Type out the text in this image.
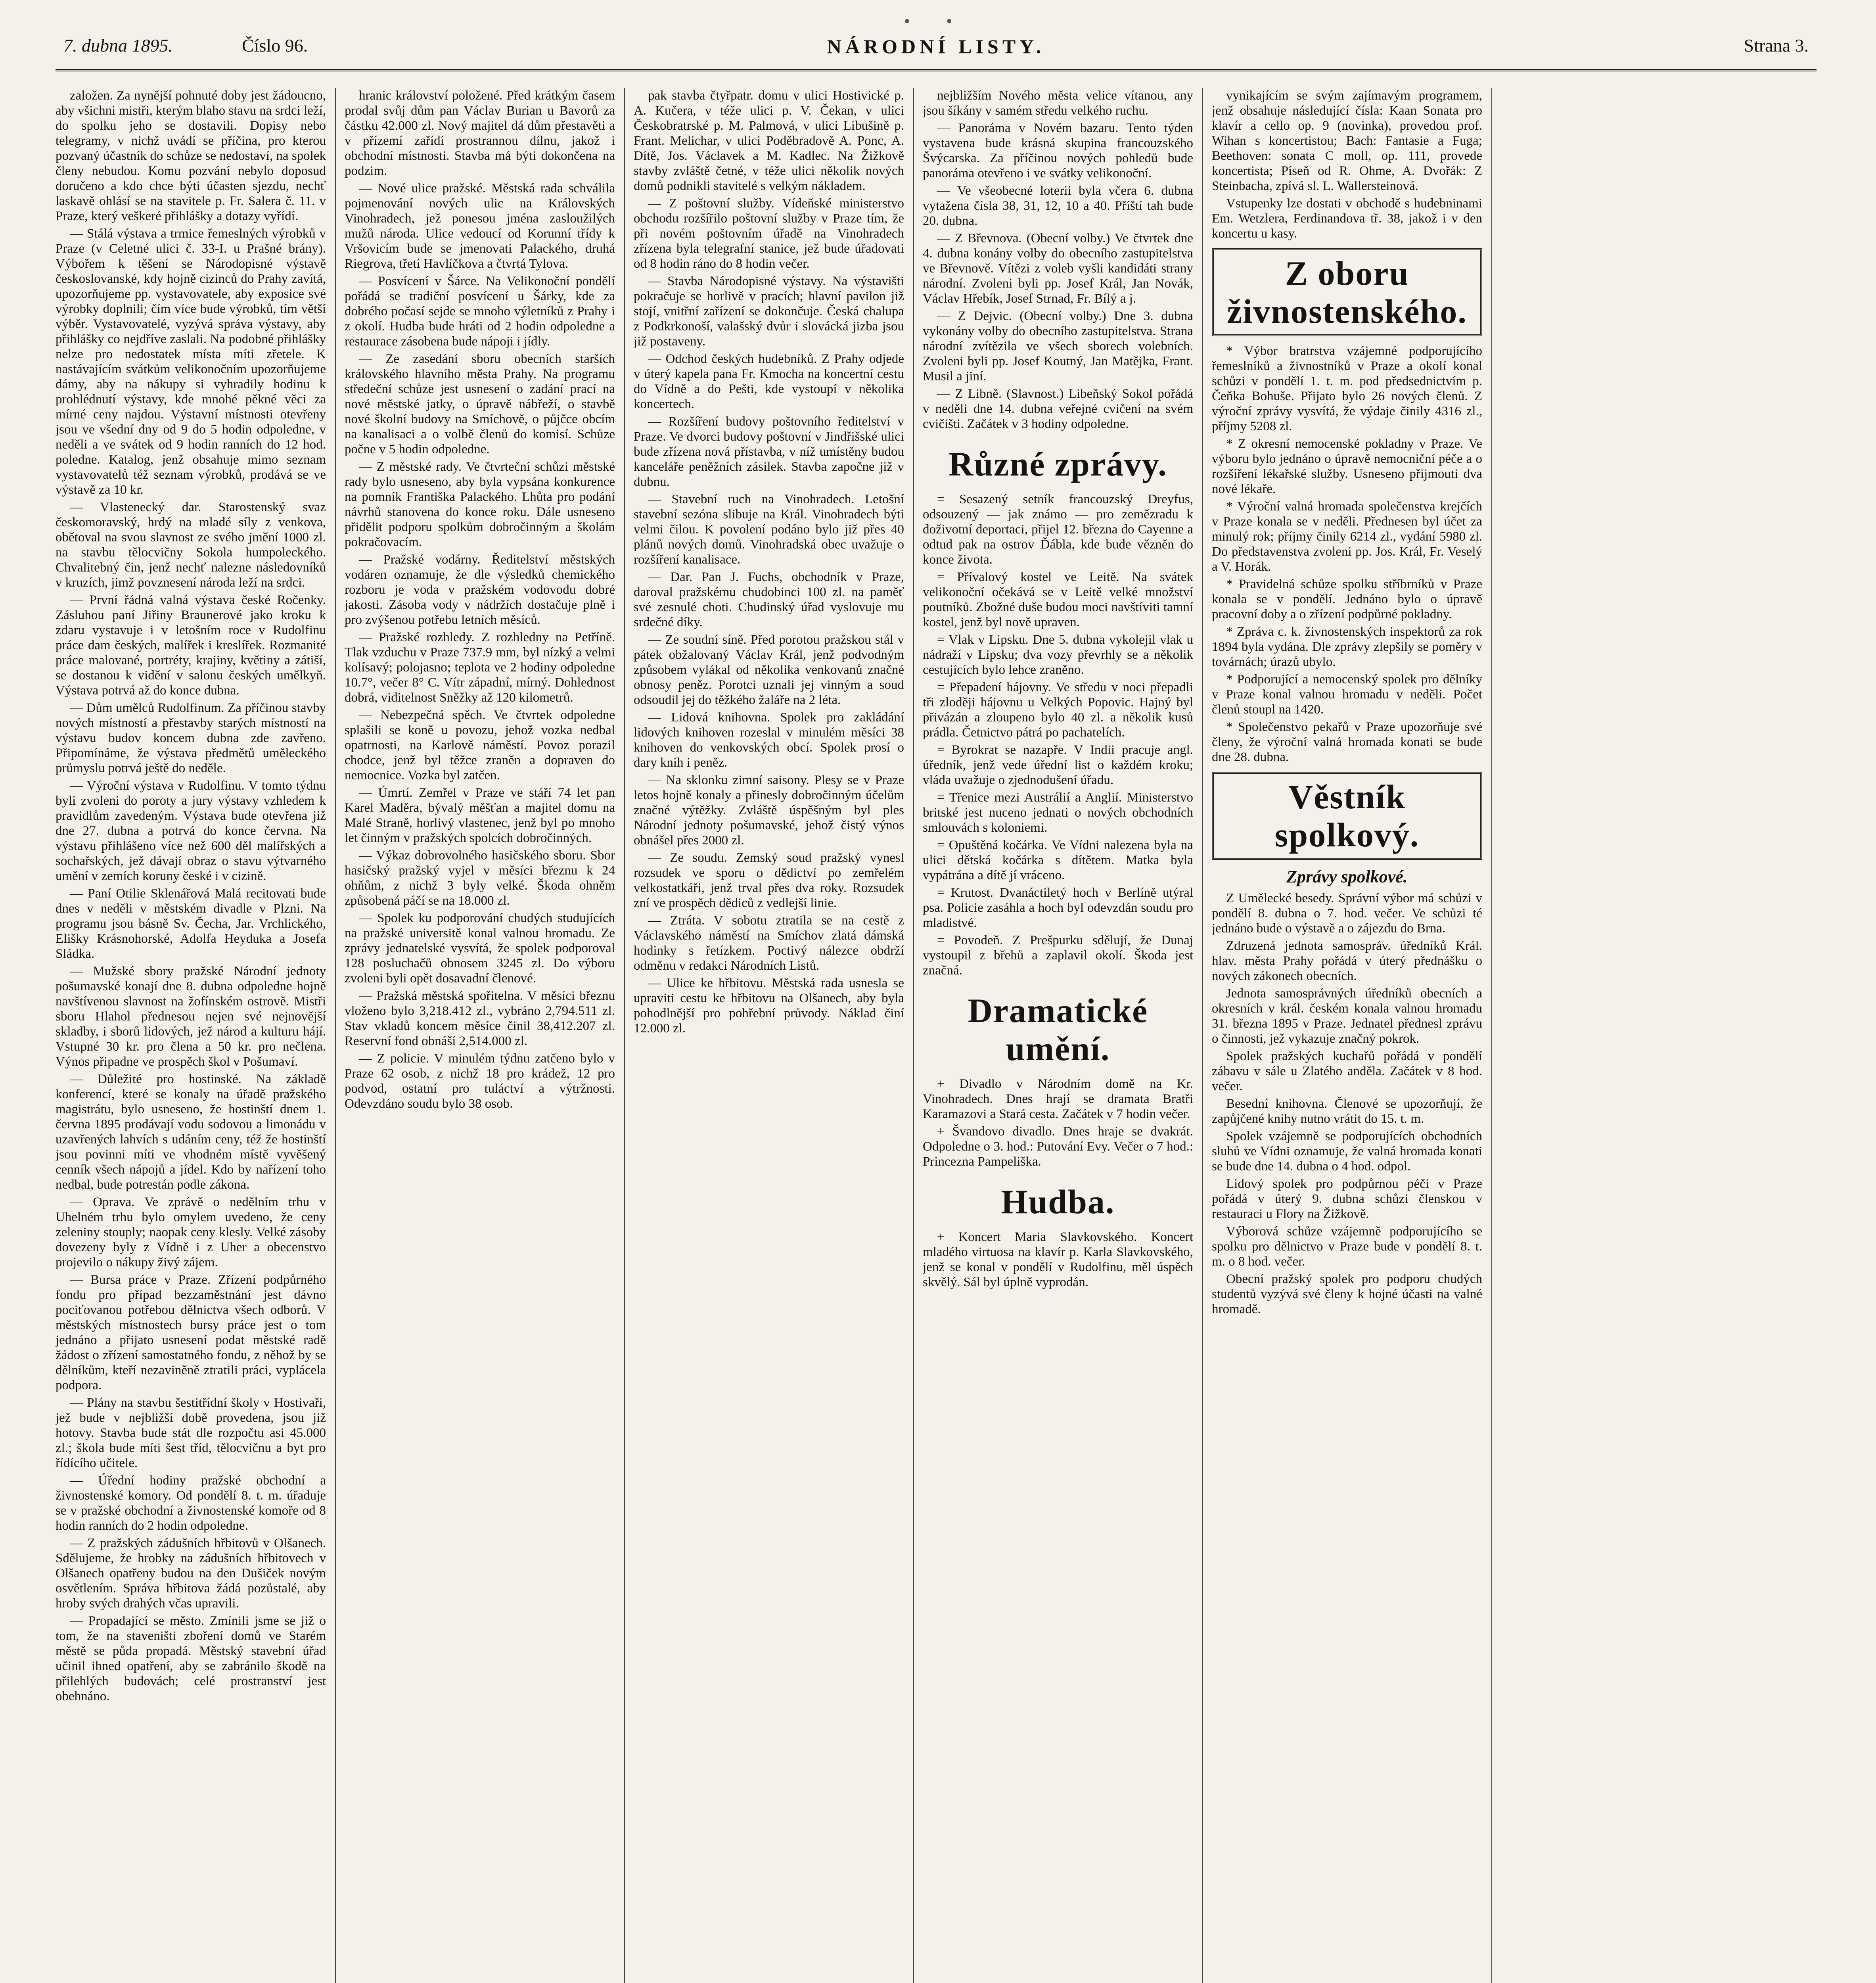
• •
7. dubna 1895.	Číslo 96.	NÁRODNÍ LISTY.	Strana 3.

založen. Za nynější pohnuté doby jest žádoucno, aby všichni mistři, kterým blaho stavu na srdci leží, do spolku jeho se dostavili. Dopisy nebo telegramy, v nichž uvádí se příčina, pro kterou pozvaný účastník do schůze se nedostaví, na spolek členy nebudou. Komu pozvání nebylo doposud doručeno a kdo chce býti účasten sjezdu, nechť laskavě ohlásí se na stavitele p. Fr. Salera č. 11. v Praze, který veškeré přihlášky a dotazy vyřídí.

— Stálá výstava a trmice řemeslných výrobků v Praze (v Celetné ulici č. 33-I. u Prašné brány). Výbořem k těšení se Národopisné výstavě českoslovanské, kdy hojně cizinců do Prahy zavítá, upozorňujeme pp. vystavovatele, aby exposice své výrobky doplnili; čím více bude výrobků, tím větší výběr. Vystavovatelé, vyzývá správa výstavy, aby přihlášky co nejdříve zaslali. Na podobné přihlášky nelze pro nedostatek místa míti zřetele. K nastávajícím svátkům velikonočním upozorňujeme dámy, aby na nákupy si vyhradily hodinu k prohlédnutí výstavy, kde mnohé pěkné věci za mírné ceny najdou. Výstavní místnosti otevřeny jsou ve všední dny od 9 do 5 hodin odpoledne, v neděli a ve svátek od 9 hodin ranních do 12 hod. poledne. Katalog, jenž obsahuje mimo seznam vystavovatelů též seznam výrobků, prodává se ve výstavě za 10 kr.

— Vlastenecký dar. Starostenský svaz českomoravský, hrdý na mladé síly z venkova, obětoval na svou slavnost ze svého jmění 1000 zl. na stavbu tělocvičny Sokola humpoleckého. Chvalitebný čin, jenž nechť nalezne následovníků v kruzích, jimž povznesení národa leží na srdci.

— První řádná valná výstava české Ročenky. Zásluhou paní Jiřiny Braunerové jako kroku k zdaru vystavuje i v letošním roce v Rudolfinu práce dam českých, malířek i kreslířek. Rozmanité práce malované, portréty, krajiny, květiny a zátiší, se dostanou k vidění v salonu českých umělkyň. Výstava potrvá až do konce dubna.

— Dům umělců Rudolfinum. Za příčinou stavby nových místností a přestavby starých místností na výstavu budov koncem dubna zde zavřeno. Připomínáme, že výstava předmětů uměleckého průmyslu potrvá ještě do neděle.

— Výroční výstava v Rudolfinu. V tomto týdnu byli zvoleni do poroty a jury výstavy vzhledem k pravidlům zavedeným. Výstava bude otevřena již dne 27. dubna a potrvá do konce června. Na výstavu přihlášeno více než 600 děl malířských a sochařských, jež dávají obraz o stavu výtvarného umění v zemích koruny české i v cizině.

— Paní Otilie Sklenářová Malá recitovati bude dnes v neděli v městském divadle v Plzni. Na programu jsou básně Sv. Čecha, Jar. Vrchlického, Elišky Krásnohorské, Adolfa Heyduka a Josefa Sládka.

— Mužské sbory pražské Národní jednoty pošumavské konají dne 8. dubna odpoledne hojně navštívenou slavnost na žofínském ostrově. Mistři sboru Hlahol přednesou nejen své nejnovější skladby, i sborů lidových, jež národ a kulturu hájí. Vstupné 30 kr. pro člena a 50 kr. pro nečlena. Výnos připadne ve prospěch škol v Pošumaví.

— Důležité pro hostinské. Na základě konferencí, které se konaly na úřadě pražského magistrátu, bylo usneseno, že hostinští dnem 1. června 1895 prodávají vodu sodovou a limonádu v uzavřených lahvích s udáním ceny, též že hostinští jsou povinni míti ve vhodném místě vyvěšený cenník všech nápojů a jídel. Kdo by nařízení toho nedbal, bude potrestán podle zákona.

— Oprava. Ve zprávě o nedělním trhu v Uhelném trhu bylo omylem uvedeno, že ceny zeleniny stouply; naopak ceny klesly. Velké zásoby dovezeny byly z Vídně i z Uher a obecenstvo projevilo o nákupy živý zájem.

— Bursa práce v Praze. Zřízení podpůrného fondu pro případ bezzaměstnání jest dávno pociťovanou potřebou dělnictva všech odborů. V městských místnostech bursy práce jest o tom jednáno a přijato usnesení podat městské radě žádost o zřízení samostatného fondu, z něhož by se dělníkům, kteří nezaviněně ztratili práci, vyplácela podpora.

— Plány na stavbu šestitřídní školy v Hostivaři, jež bude v nejbližší době provedena, jsou již hotovy. Stavba bude stát dle rozpočtu asi 45.000 zl.; škola bude míti šest tříd, tělocvičnu a byt pro řídícího učitele.

— Úřední hodiny pražské obchodní a živnostenské komory. Od pondělí 8. t. m. úřaduje se v pražské obchodní a živnostenské komoře od 8 hodin ranních do 2 hodin odpoledne.

— Z pražských zádušních hřbitovů v Olšanech. Sdělujeme, že hrobky na zádušních hřbitovech v Olšanech opatřeny budou na den Dušiček novým osvětlením. Správa hřbitova žádá pozůstalé, aby hroby svých drahých včas upravili.

— Propadající se město. Zmínili jsme se již o tom, že na staveništi zboření domů ve Starém městě se půda propadá. Městský stavební úřad učinil ihned opatření, aby se zabránilo škodě na přilehlých budovách; celé prostranství jest obehnáno.

hranic království položené. Před krátkým časem prodal svůj dům pan Václav Burian u Bavorů za částku 42.000 zl. Nový majitel dá dům přestavěti a v přízemí zařídí prostrannou dílnu, jakož i obchodní místnosti. Stavba má býti dokončena na podzim.

— Nové ulice pražské. Městská rada schválila pojmenování nových ulic na Královských Vinohradech, jež ponesou jména zasloužilých mužů národa. Ulice vedoucí od Korunní třídy k Vršovicím bude se jmenovati Palackého, druhá Riegrova, třetí Havlíčkova a čtvrtá Tylova.

— Posvícení v Šárce. Na Velikonoční pondělí pořádá se tradiční posvícení u Šárky, kde za dobrého počasí sejde se mnoho výletníků z Prahy i z okolí. Hudba bude hráti od 2 hodin odpoledne a restaurace zásobena bude nápoji i jídly.

— Ze zasedání sboru obecních starších královského hlavního města Prahy. Na programu středeční schůze jest usnesení o zadání prací na nové městské jatky, o úpravě nábřeží, o stavbě nové školní budovy na Smíchově, o půjčce obcím na kanalisaci a o volbě členů do komisí. Schůze počne v 5 hodin odpoledne.

— Z městské rady. Ve čtvrteční schůzi městské rady bylo usneseno, aby byla vypsána konkurence na pomník Františka Palackého. Lhůta pro podání návrhů stanovena do konce roku. Dále usneseno přidělit podporu spolkům dobročinným a školám pokračovacím.

— Pražské vodárny. Ředitelství městských vodáren oznamuje, že dle výsledků chemického rozboru je voda v pražském vodovodu dobré jakosti. Zásoba vody v nádržích dostačuje plně i pro zvýšenou potřebu letních měsíců.

— Pražské rozhledy. Z rozhledny na Petříně. Tlak vzduchu v Praze 737.9 mm, byl nízký a velmi kolísavý; polojasno; teplota ve 2 hodiny odpoledne 10.7°, večer 8° C. Vítr západní, mírný. Dohlednost dobrá, viditelnost Sněžky až 120 kilometrů.

— Nebezpečná spěch. Ve čtvrtek odpoledne splašili se koně u povozu, jehož vozka nedbal opatrnosti, na Karlově náměstí. Povoz porazil chodce, jenž byl těžce zraněn a dopraven do nemocnice. Vozka byl zatčen.

— Úmrtí. Zemřel v Praze ve stáří 74 let pan Karel Maděra, bývalý měšťan a majitel domu na Malé Straně, horlivý vlastenec, jenž byl po mnoho let činným v pražských spolcích dobročinných.

— Výkaz dobrovolného hasičského sboru. Sbor hasičský pražský vyjel v měsíci březnu k 24 ohňům, z nichž 3 byly velké. Škoda ohněm způsobená páčí se na 18.000 zl.

— Spolek ku podporování chudých studujících na pražské universitě konal valnou hromadu. Ze zprávy jednatelské vysvítá, že spolek podporoval 128 posluchačů obnosem 3245 zl. Do výboru zvoleni byli opět dosavadní členové.

— Pražská městská spořitelna. V měsíci březnu vloženo bylo 3,218.412 zl., vybráno 2,794.511 zl. Stav vkladů koncem měsíce činil 38,412.207 zl. Reservní fond obnáší 2,514.000 zl.

— Z policie. V minulém týdnu zatčeno bylo v Praze 62 osob, z nichž 18 pro krádež, 12 pro podvod, ostatní pro tuláctví a výtržnosti. Odevzdáno soudu bylo 38 osob.

pak stavba čtyřpatr. domu v ulici Hostivické p. A. Kučera, v téže ulici p. V. Čekan, v ulici Českobratrské p. M. Palmová, v ulici Libušině p. Frant. Melichar, v ulici Poděbradově A. Ponc, A. Dítě, Jos. Václavek a M. Kadlec. Na Žižkově stavby zvláště četné, v téže ulici několik nových domů podnikli stavitelé s velkým nákladem.

— Z poštovní služby. Vídeňské ministerstvo obchodu rozšířilo poštovní služby v Praze tím, že při novém poštovním úřadě na Vinohradech zřízena byla telegrafní stanice, jež bude úřadovati od 8 hodin ráno do 8 hodin večer.

— Stavba Národopisné výstavy. Na výstavišti pokračuje se horlivě v pracích; hlavní pavilon již stojí, vnitřní zařízení se dokončuje. Česká chalupa z Podkrkonoší, valašský dvůr i slovácká jizba jsou již postaveny.

— Odchod českých hudebníků. Z Prahy odjede v úterý kapela pana Fr. Kmocha na koncertní cestu do Vídně a do Pešti, kde vystoupí v několika koncertech.

— Rozšíření budovy poštovního ředitelství v Praze. Ve dvorci budovy poštovní v Jindřišské ulici bude zřízena nová přístavba, v níž umístěny budou kanceláře peněžních zásilek. Stavba započne již v dubnu.

— Stavební ruch na Vinohradech. Letošní stavební sezóna slibuje na Král. Vinohradech býti velmi čilou. K povolení podáno bylo již přes 40 plánů nových domů. Vinohradská obec uvažuje o rozšíření kanalisace.

— Dar. Pan J. Fuchs, obchodník v Praze, daroval pražskému chudobinci 100 zl. na paměť své zesnulé choti. Chudinský úřad vyslovuje mu srdečné díky.

— Ze soudní síně. Před porotou pražskou stál v pátek obžalovaný Václav Král, jenž podvodným způsobem vylákal od několika venkovanů značné obnosy peněz. Porotci uznali jej vinným a soud odsoudil jej do těžkého žaláře na 2 léta.

— Lidová knihovna. Spolek pro zakládání lidových knihoven rozeslal v minulém měsíci 38 knihoven do venkovských obcí. Spolek prosí o dary knih i peněz.

— Na sklonku zimní saisony. Plesy se v Praze letos hojně konaly a přinesly dobročinným účelům značné výtěžky. Zvláště úspěšným byl ples Národní jednoty pošumavské, jehož čistý výnos obnášel přes 2000 zl.

— Ze soudu. Zemský soud pražský vynesl rozsudek ve sporu o dědictví po zemřelém velkostatkáři, jenž trval přes dva roky. Rozsudek zní ve prospěch dědiců z vedlejší linie.

— Ztráta. V sobotu ztratila se na cestě z Václavského náměstí na Smíchov zlatá dámská hodinky s řetízkem. Poctivý nálezce obdrží odměnu v redakci Národních Listů.

— Ulice ke hřbitovu. Městská rada usnesla se upraviti cestu ke hřbitovu na Olšanech, aby byla pohodlnější pro pohřební průvody. Náklad činí 12.000 zl.

nejbližším Nového města velice vítanou, any jsou šíkány v samém středu velkého ruchu.

— Panoráma v Novém bazaru. Tento týden vystavena bude krásná skupina francouzského Švýcarska. Za příčinou nových pohledů bude panoráma otevřeno i ve svátky velikonoční.

— Ve všeobecné loterii byla včera 6. dubna vytažena čísla 38, 31, 12, 10 a 40. Příští tah bude 20. dubna.

— Z Břevnova. (Obecní volby.) Ve čtvrtek dne 4. dubna konány volby do obecního zastupitelstva ve Břevnově. Vítězi z voleb vyšli kandidáti strany národní. Zvoleni byli pp. Josef Král, Jan Novák, Václav Hřebík, Josef Strnad, Fr. Bílý a j.

— Z Dejvic. (Obecní volby.) Dne 3. dubna vykonány volby do obecního zastupitelstva. Strana národní zvítězila ve všech sborech volebních. Zvoleni byli pp. Josef Koutný, Jan Matějka, Frant. Musil a jiní.

— Z Libně. (Slavnost.) Libeňský Sokol pořádá v neděli dne 14. dubna veřejné cvičení na svém cvičišti. Začátek v 3 hodiny odpoledne.

Různé zprávy.

= Sesazený setník francouzský Dreyfus, odsouzený — jak známo — pro zemězradu k doživotní deportaci, přijel 12. března do Cayenne a odtud pak na ostrov Ďábla, kde bude vězněn do konce života.

= Přívalový kostel ve Leitě. Na svátek velikonoční očekává se v Leitě velké množství poutníků. Zbožné duše budou moci navštíviti tamní kostel, jenž byl nově upraven.

= Vlak v Lipsku. Dne 5. dubna vykolejil vlak u nádraží v Lipsku; dva vozy převrhly se a několik cestujících bylo lehce zraněno.

= Přepadení hájovny. Ve středu v noci přepadli tři zloději hájovnu u Velkých Popovic. Hajný byl přivázán a zloupeno bylo 40 zl. a několik kusů prádla. Četnictvo pátrá po pachatelích.

= Byrokrat se nazapře. V Indii pracuje angl. úředník, jenž vede úřední list o každém kroku; vláda uvažuje o zjednodušení úřadu.

= Třenice mezi Austrálií a Anglií. Ministerstvo britské jest nuceno jednati o nových obchodních smlouvách s koloniemi.

= Opuštěná kočárka. Ve Vídni nalezena byla na ulici dětská kočárka s dítětem. Matka byla vypátrána a dítě jí vráceno.

= Krutost. Dvanáctiletý hoch v Berlíně utýral psa. Policie zasáhla a hoch byl odevzdán soudu pro mladistvé.

= Povodeň. Z Prešpurku sdělují, že Dunaj vystoupil z břehů a zaplavil okolí. Škoda jest značná.

Dramatické umění.

+ Divadlo v Národním domě na Kr. Vinohradech. Dnes hrají se dramata Bratři Karamazovi a Stará cesta. Začátek v 7 hodin večer.

+ Švandovo divadlo. Dnes hraje se dvakrát. Odpoledne o 3. hod.: Putování Evy. Večer o 7 hod.: Princezna Pampeliška.

Hudba.

+ Koncert Maria Slavkovského. Koncert mladého virtuosa na klavír p. Karla Slavkovského, jenž se konal v pondělí v Rudolfinu, měl úspěch skvělý. Sál byl úplně vyprodán.

vynikajícím se svým zajímavým programem, jenž obsahuje následující čísla: Kaan Sonata pro klavír a cello op. 9 (novinka), provedou prof. Wihan s koncertistou; Bach: Fantasie a Fuga; Beethoven: sonata C moll, op. 111, provede koncertista; Píseň od R. Ohme, A. Dvořák: Z Steinbacha, zpívá sl. L. Wallersteinová.

Vstupenky lze dostati v obchodě s hudebninami Em. Wetzlera, Ferdinandova tř. 38, jakož i v den koncertu u kasy.

Z oboru živnostenského.

* Výbor bratrstva vzájemné podporujícího řemeslníků a živnostníků v Praze a okolí konal schůzi v pondělí 1. t. m. pod předsednictvím p. Čeňka Bohuše. Přijato bylo 26 nových členů. Z výroční zprávy vysvítá, že výdaje činily 4316 zl., příjmy 5208 zl.

* Z okresní nemocenské pokladny v Praze. Ve výboru bylo jednáno o úpravě nemocniční péče a o rozšíření lékařské služby. Usneseno přijmouti dva nové lékaře.

* Výroční valná hromada společenstva krejčích v Praze konala se v neděli. Přednesen byl účet za minulý rok; příjmy činily 6214 zl., vydání 5980 zl. Do představenstva zvoleni pp. Jos. Král, Fr. Veselý a V. Horák.

* Pravidelná schůze spolku stříbrníků v Praze konala se v pondělí. Jednáno bylo o úpravě pracovní doby a o zřízení podpůrné pokladny.

* Zpráva c. k. živnostenských inspektorů za rok 1894 byla vydána. Dle zprávy zlepšily se poměry v továrnách; úrazů ubylo.

* Podporující a nemocenský spolek pro dělníky v Praze konal valnou hromadu v neděli. Počet členů stoupl na 1420.

* Společenstvo pekařů v Praze upozorňuje své členy, že výroční valná hromada konati se bude dne 28. dubna.

Věstník spolkový.
Zprávy spolkové.

Z Umělecké besedy. Správní výbor má schůzi v pondělí 8. dubna o 7. hod. večer. Ve schůzi té jednáno bude o výstavě a o zájezdu do Brna.

Zdruzená jednota samospráv. úředníků Král. hlav. města Prahy pořádá v úterý přednášku o nových zákonech obecních.

Jednota samosprávných úředníků obecních a okresních v král. českém konala valnou hromadu 31. března 1895 v Praze. Jednatel přednesl zprávu o činnosti, jež vykazuje značný pokrok.

Spolek pražských kuchařů pořádá v pondělí zábavu v sále u Zlatého anděla. Začátek v 8 hod. večer.

Besední knihovna. Členové se upozorňují, že zapůjčené knihy nutno vrátit do 15. t. m.

Spolek vzájemně se podporujících obchodních sluhů ve Vídni oznamuje, že valná hromada konati se bude dne 14. dubna o 4 hod. odpol.

Lidový spolek pro podpůrnou péči v Praze pořádá v úterý 9. dubna schůzi členskou v restauraci u Flory na Žižkově.

Výborová schůze vzájemně podporujícího se spolku pro dělnictvo v Praze bude v pondělí 8. t. m. o 8 hod. večer.

Obecní pražský spolek pro podporu chudých studentů vyzývá své členy k hojné účasti na valné hromadě.
